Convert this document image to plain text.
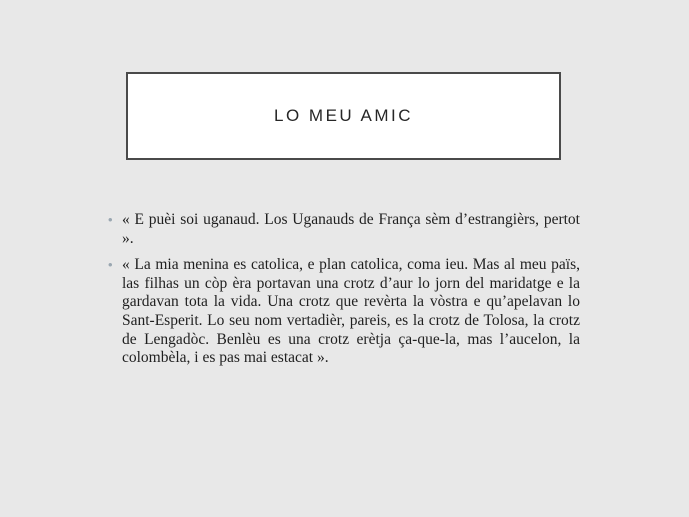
LO MEU AMIC

• « E puèi soi uganaud. Los Uganauds de França sèm d’estrangièrs, pertot ».

• « La mia menina es catolica, e plan catolica, coma ieu. Mas al meu païs, las filhas un còp èra portavan una crotz d’aur lo jorn del maridatge e la gardavan tota la vida. Una crotz que revèrta la vòstra e qu’apelavan lo Sant-Esperit. Lo seu nom vertadièr, pareis, es la crotz de Tolosa, la crotz de Lengadòc. Benlèu es una crotz erètja ça-que-la, mas l’aucelon, la colombèla, i es pas mai estacat ».
